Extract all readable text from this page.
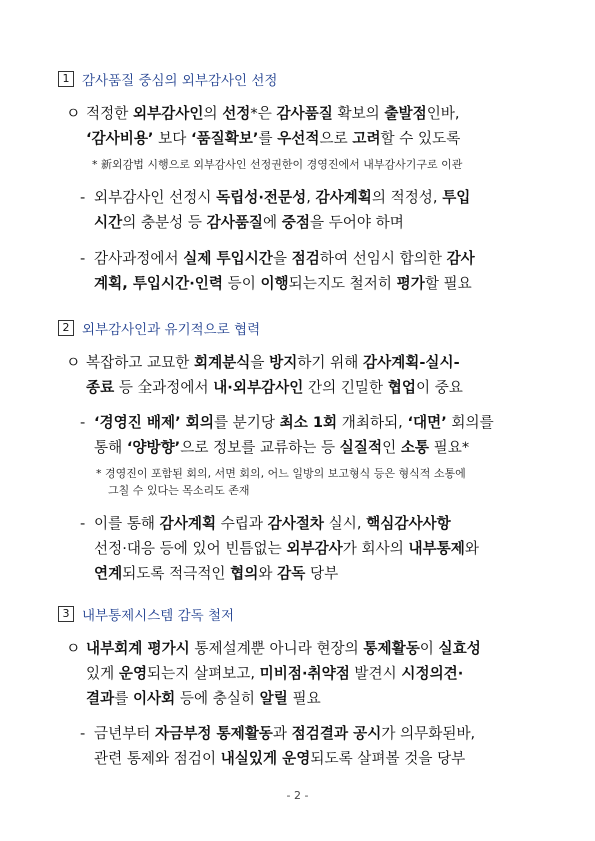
1 감사품질 중심의 외부감사인 선정
ㅇ 적정한 외부감사인의 선정*은 감사품질 확보의 출발점인바,
‘감사비용’ 보다 ‘품질확보’를 우선적으로 고려할 수 있도록
* 新외감법 시행으로 외부감사인 선정권한이 경영진에서 내부감사기구로 이관
- 외부감사인 선정시 독립성·전문성, 감사계획의 적정성, 투입
시간의 충분성 등 감사품질에 중점을 두어야 하며
- 감사과정에서 실제 투입시간을 점검하여 선임시 합의한 감사
계획, 투입시간·인력 등이 이행되는지도 철저히 평가할 필요
2 외부감사인과 유기적으로 협력
ㅇ 복잡하고 교묘한 회계분식을 방지하기 위해 감사계획-실시-
종료 등 全과정에서 내·외부감사인 간의 긴밀한 협업이 중요
- ‘경영진 배제’ 회의를 분기당 최소 1회 개최하되, ‘대면’ 회의를
통해 ‘양방향’으로 정보를 교류하는 등 실질적인 소통 필요*
* 경영진이 포함된 회의, 서면 회의, 어느 일방의 보고형식 등은 형식적 소통에
그칠 수 있다는 목소리도 존재
- 이를 통해 감사계획 수립과 감사절차 실시, 핵심감사사항
선정·대응 등에 있어 빈틈없는 외부감사가 회사의 내부통제와
연계되도록 적극적인 협의와 감독 당부
3 내부통제시스템 감독 철저
ㅇ 내부회계 평가시 통제설계뿐 아니라 현장의 통제활동이 실효성
있게 운영되는지 살펴보고, 미비점·취약점 발견시 시정의견·
결과를 이사회 등에 충실히 알릴 필요
- 금년부터 자금부정 통제활동과 점검결과 공시가 의무화된바,
관련 통제와 점검이 내실있게 운영되도록 살펴볼 것을 당부
- 2 -
